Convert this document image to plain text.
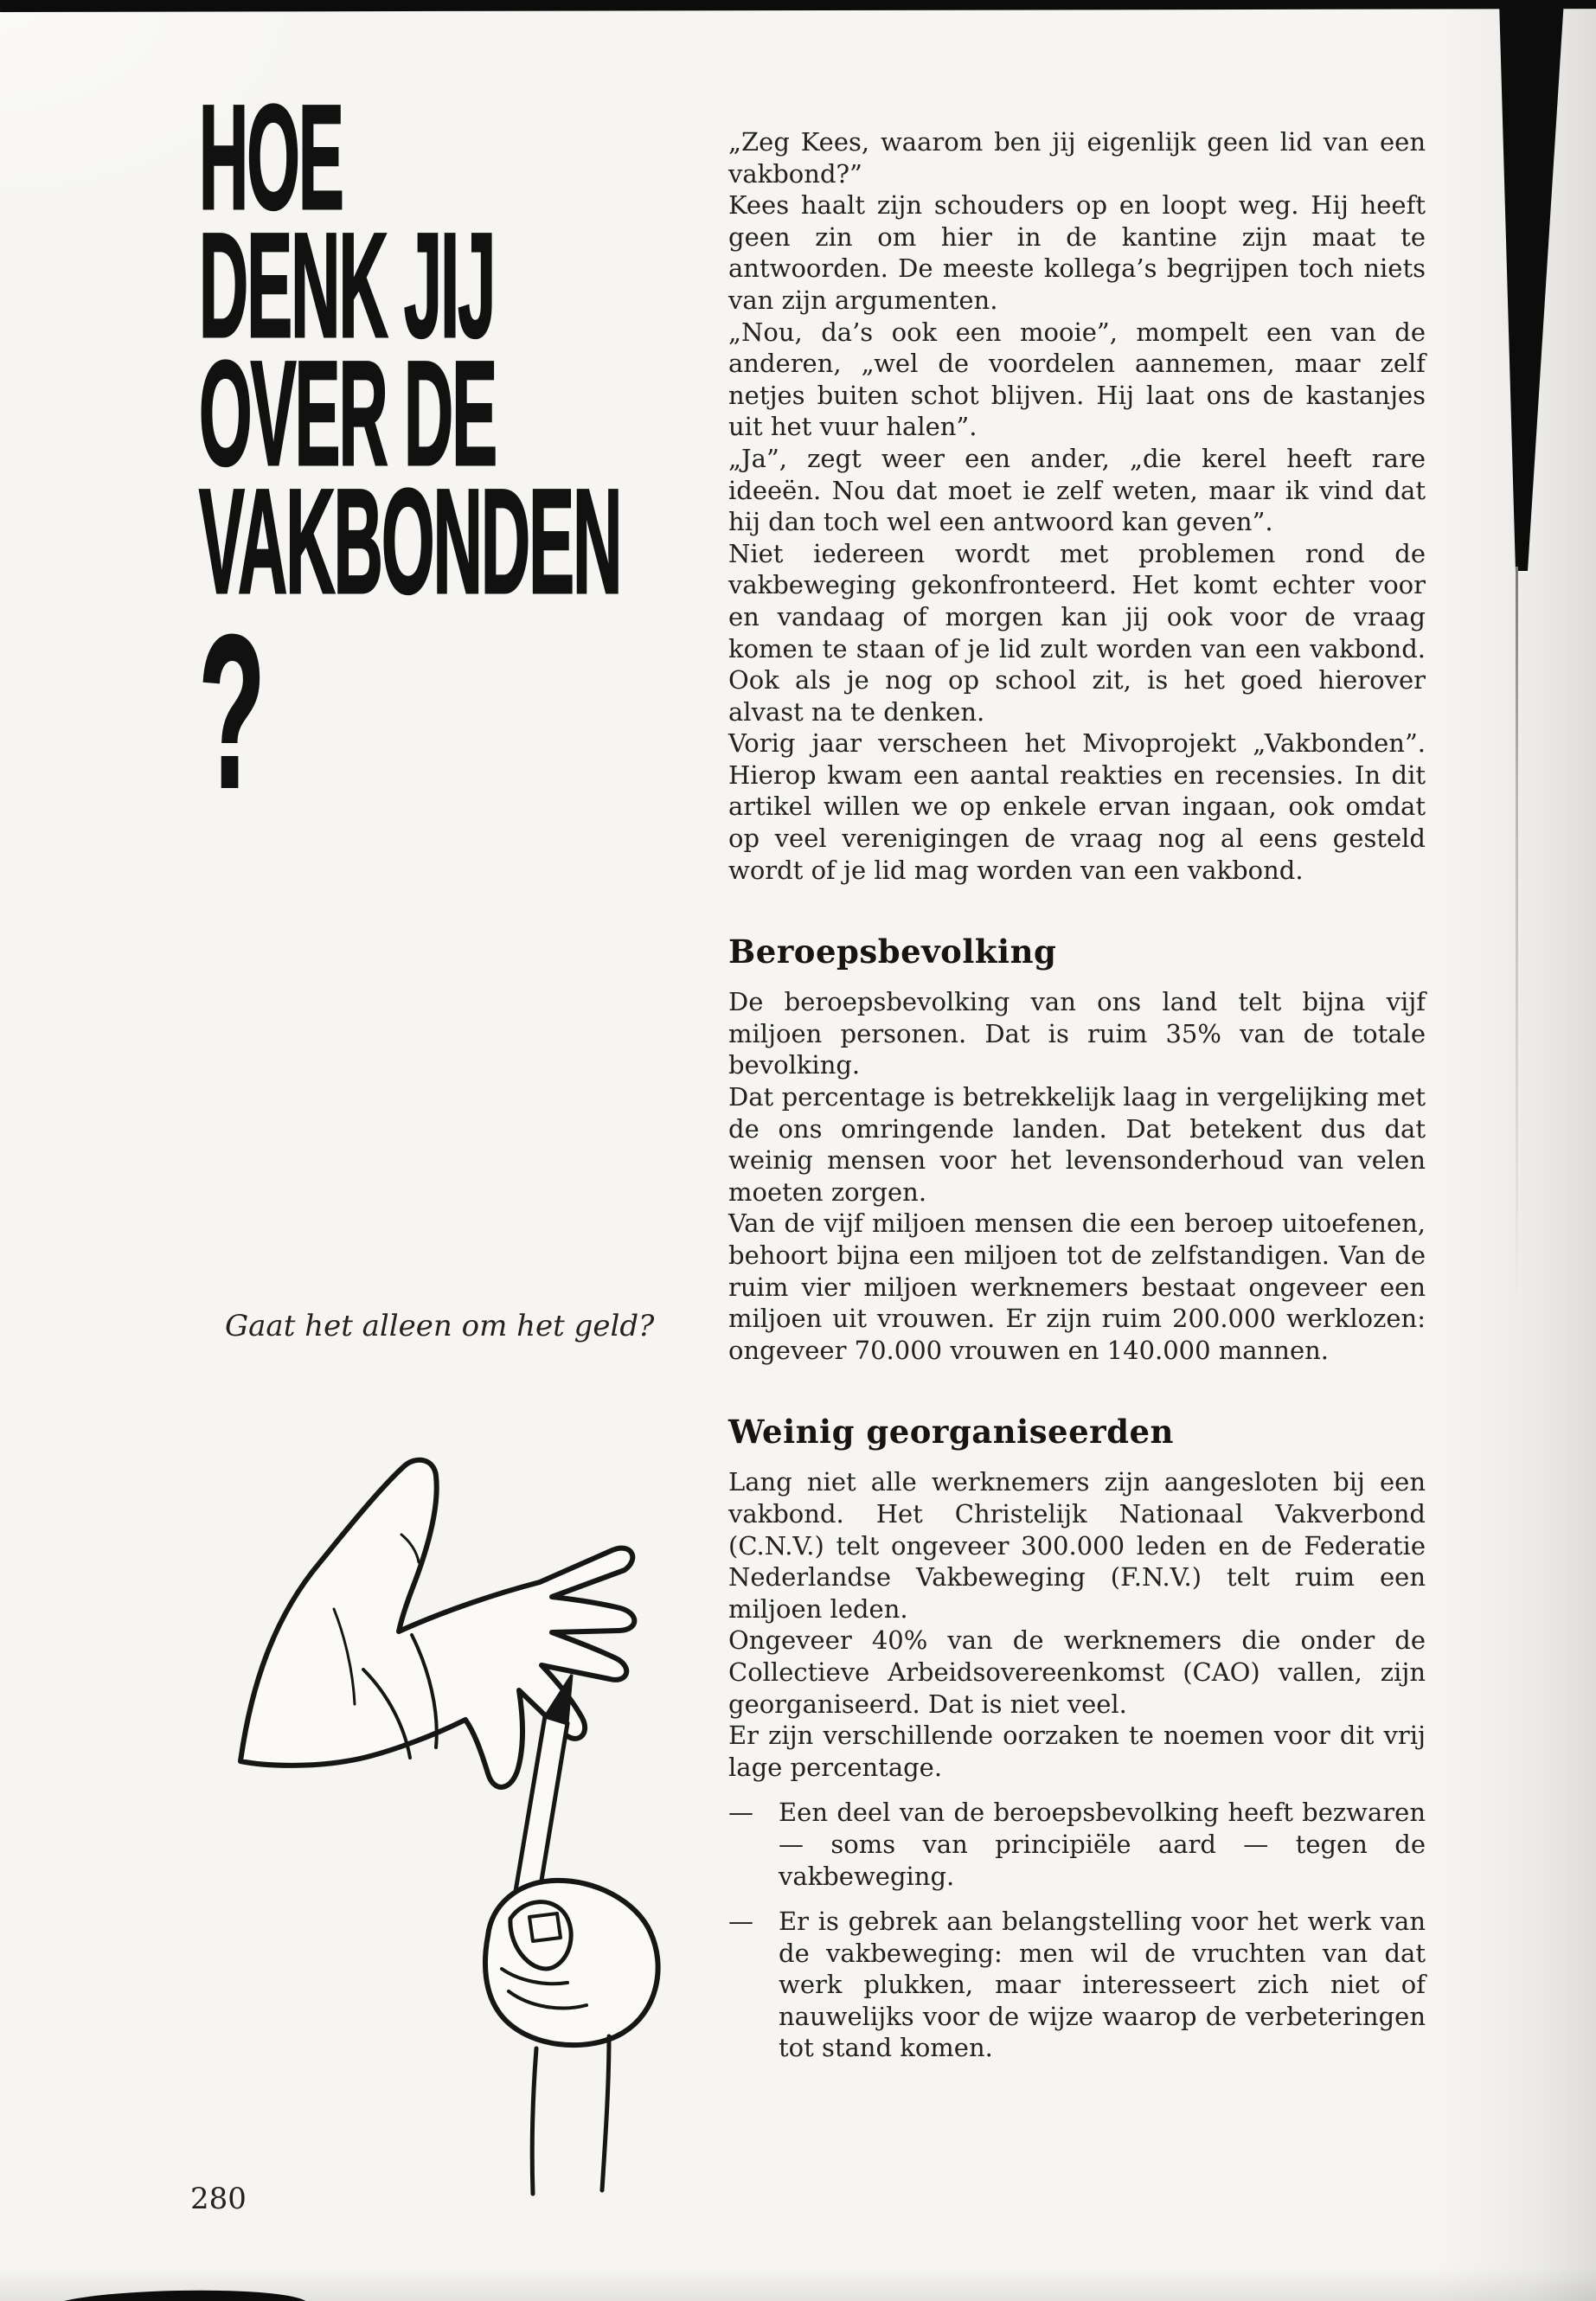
HOE
DENK JIJ
OVER DE
VAKBONDEN
?
Gaat het alleen om het geld?
280

„Zeg Kees, waarom ben jij eigenlijk geen lid van een vakbond?”

Kees haalt zijn schouders op en loopt weg. Hij heeft geen zin om hier in de kantine zijn maat te antwoorden. De meeste kollega’s begrijpen toch niets van zijn argumenten.

„Nou, da’s ook een mooie”, mompelt een van de anderen, „wel de voordelen aannemen, maar zelf netjes buiten schot blijven. Hij laat ons de kastanjes uit het vuur halen”.

„Ja”, zegt weer een ander, „die kerel heeft rare ideeën. Nou dat moet ie zelf weten, maar ik vind dat hij dan toch wel een antwoord kan geven”.

Niet iedereen wordt met problemen rond de vakbeweging gekonfronteerd. Het komt echter voor en vandaag of morgen kan jij ook voor de vraag komen te staan of je lid zult worden van een vakbond. Ook als je nog op school zit, is het goed hierover alvast na te denken.

Vorig jaar verscheen het Mivoprojekt „Vakbonden”. Hierop kwam een aantal reakties en recensies. In dit artikel willen we op enkele ervan ingaan, ook omdat op veel verenigingen de vraag nog al eens gesteld wordt of je lid mag worden van een vakbond.

Beroepsbevolking

De beroepsbevolking van ons land telt bijna vijf miljoen personen. Dat is ruim 35% van de totale bevolking.

Dat percentage is betrekkelijk laag in vergelijking met de ons omringende landen. Dat betekent dus dat weinig mensen voor het levensonderhoud van velen moeten zorgen.

Van de vijf miljoen mensen die een beroep uitoefenen, behoort bijna een miljoen tot de zelfstandigen. Van de ruim vier miljoen werknemers bestaat ongeveer een miljoen uit vrouwen. Er zijn ruim 200.000 werklozen: ongeveer 70.000 vrouwen en 140.000 mannen.

Weinig georganiseerden

Lang niet alle werknemers zijn aangesloten bij een vakbond. Het Christelijk Nationaal Vakverbond (C.N.V.) telt ongeveer 300.000 leden en de Federatie Nederlandse Vakbeweging (F.N.V.) telt ruim een miljoen leden.

Ongeveer 40% van de werknemers die onder de Collectieve Arbeidsovereenkomst (CAO) vallen, zijn georganiseerd. Dat is niet veel.

Er zijn verschillende oorzaken te noemen voor dit vrij lage percentage.

—	Een deel van de beroepsbevolking heeft bezwaren — soms van principiële aard — tegen de vakbeweging.

—	Er is gebrek aan belangstelling voor het werk van de vakbeweging: men wil de vruchten van dat werk plukken, maar interesseert zich niet of nauwelijks voor de wijze waarop de verbeteringen tot stand komen.
